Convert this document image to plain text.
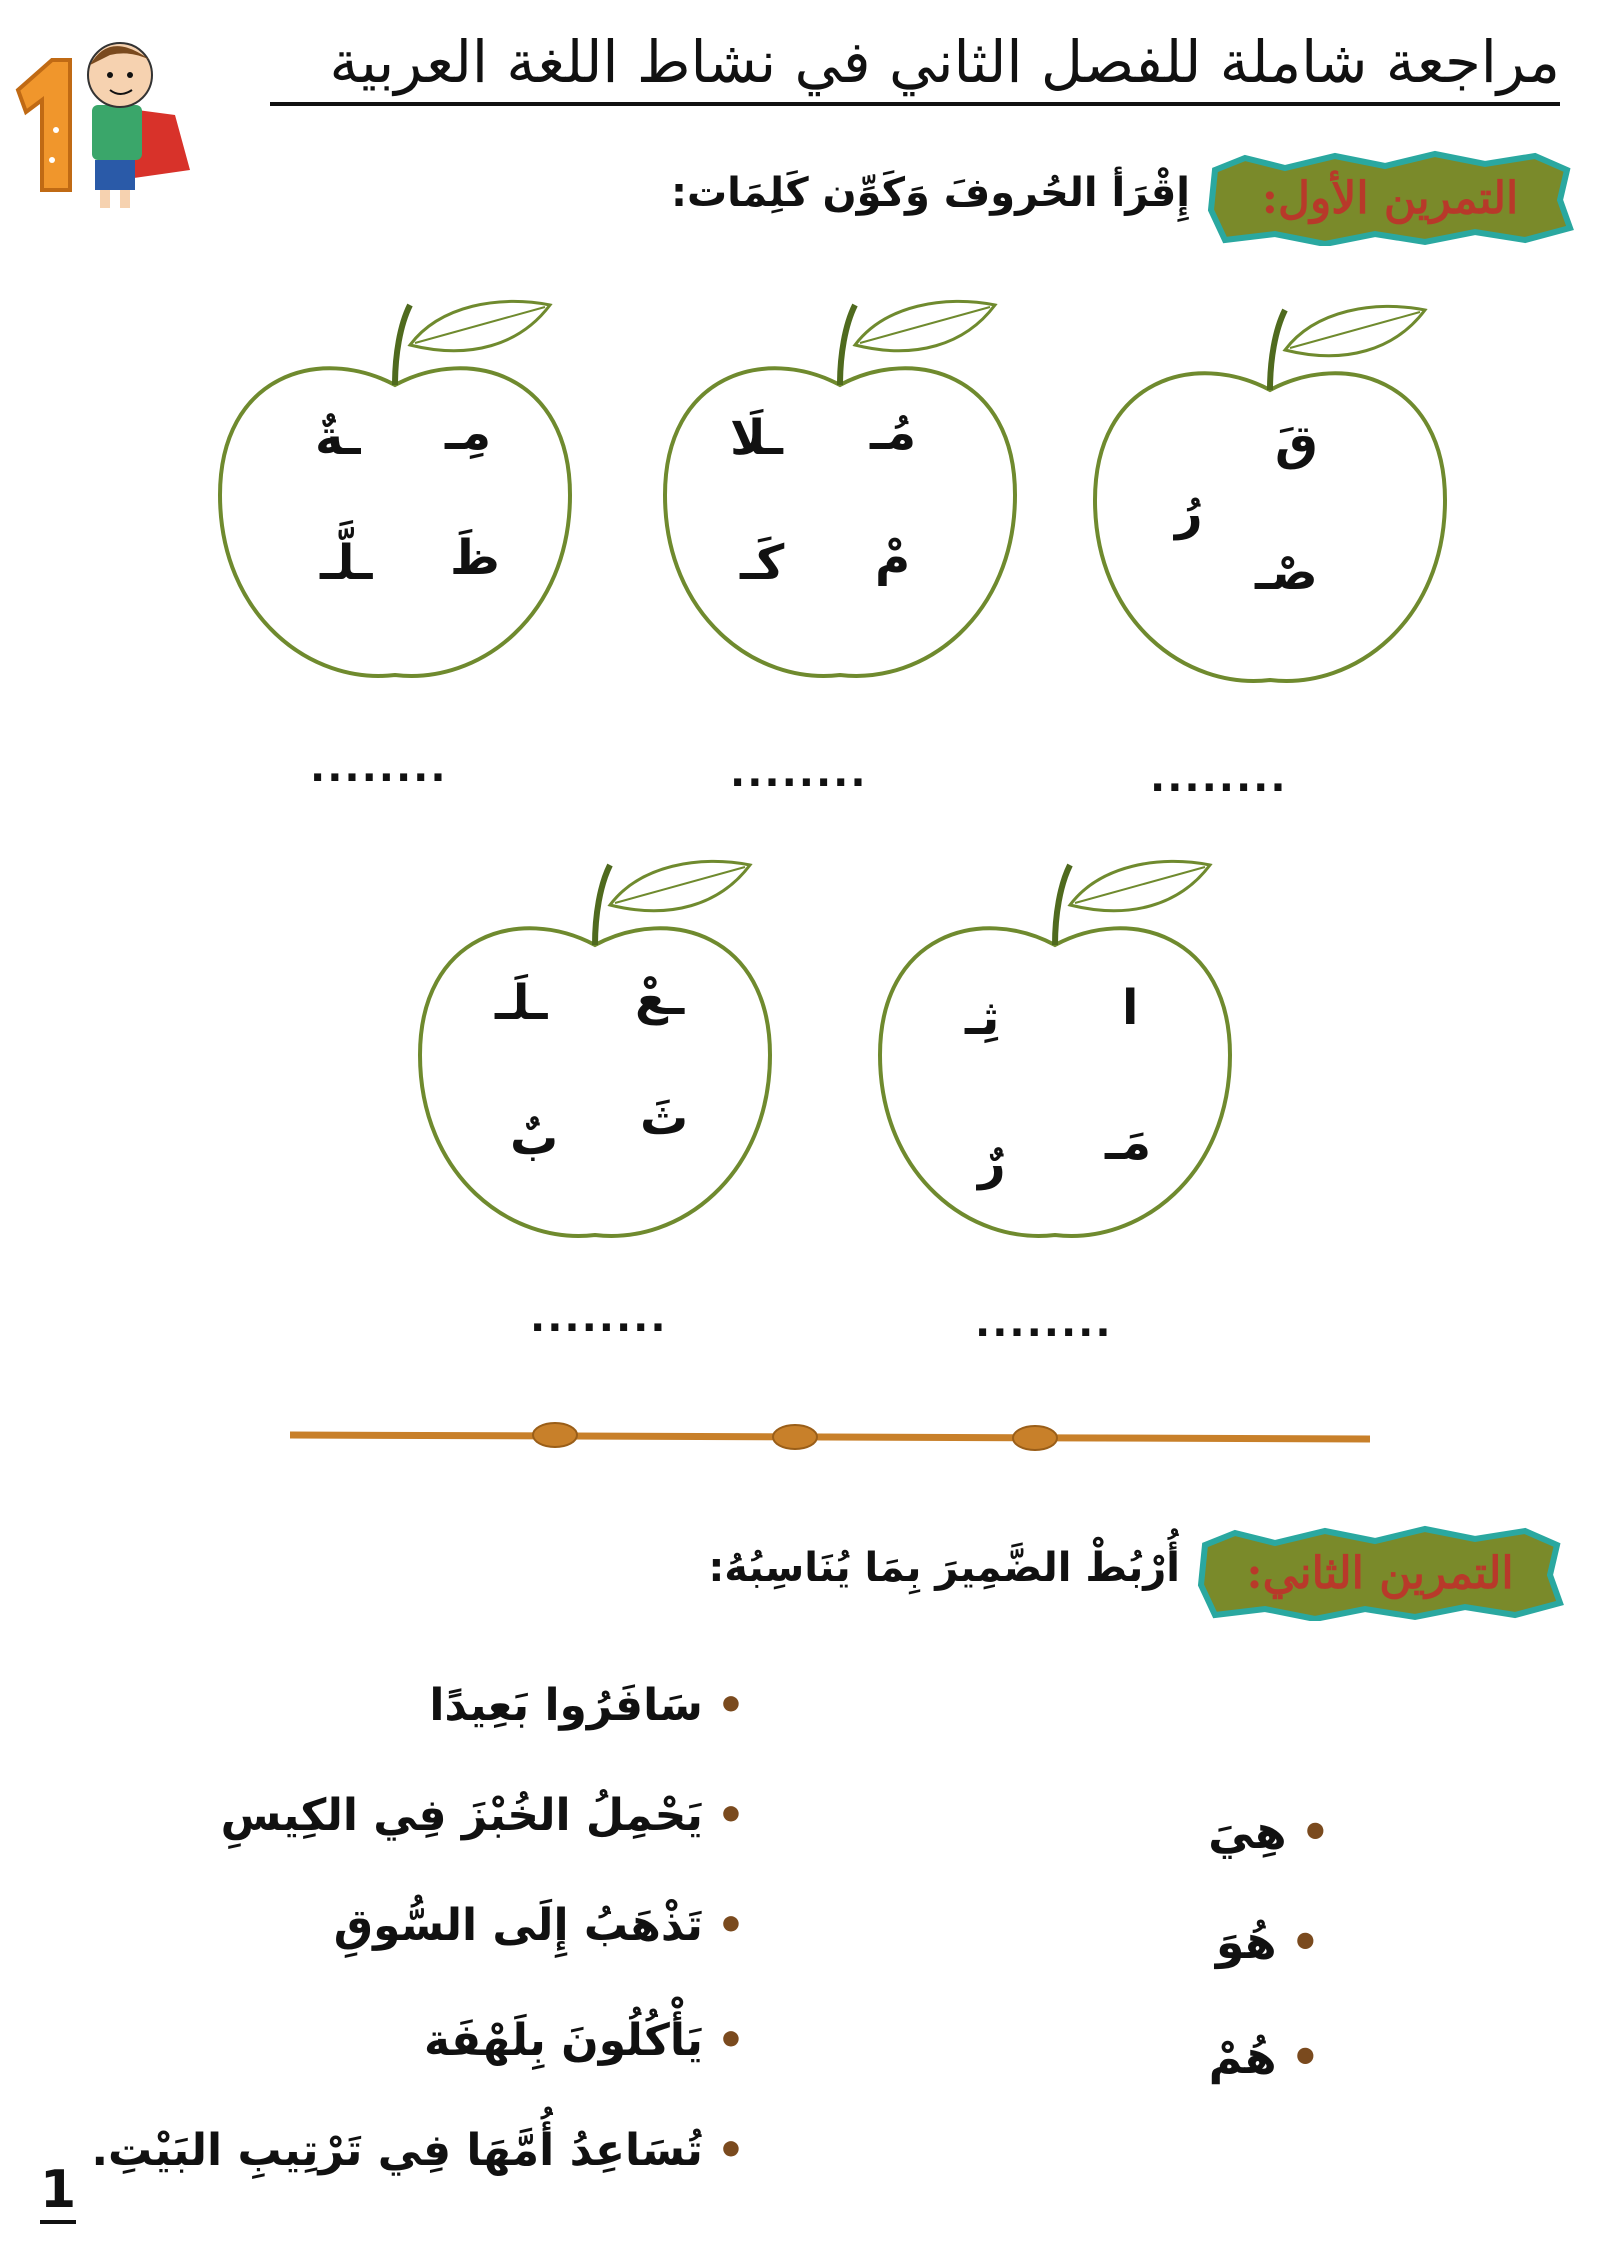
مراجعة شاملة للفصل الثاني في نشاط اللغة العربية
التمرين الأول:
إِقْرَأ الحُروفَ وَكَوِّن كَلِمَات:
قَ
رُ
صْـ
مُـ
ـلَا
مْ
كَـ
مِـ
ـةٌ
ظَ
ـلَّـ
........
........
........
ا
ثِـ
مَـ
رٌ
ـعْ
ـلَـ
ثَ
بٌ
........
........
التمرين الثاني:
أُرْبُطْ الضَّمِيرَ بِمَا يُنَاسِبُهُ:
•سَافَرُوا بَعِيدًا
•يَحْمِلُ الخُبْزَ فِي الكِيسِ
•تَذْهَبُ إِلَى السُّوقِ
•يَأْكُلُونَ بِلَهْفَة
•تُسَاعِدُ أُمَّهَا فِي تَرْتِيبِ البَيْتِ.
•هِيَ
•هُوَ
•هُمْ
1
